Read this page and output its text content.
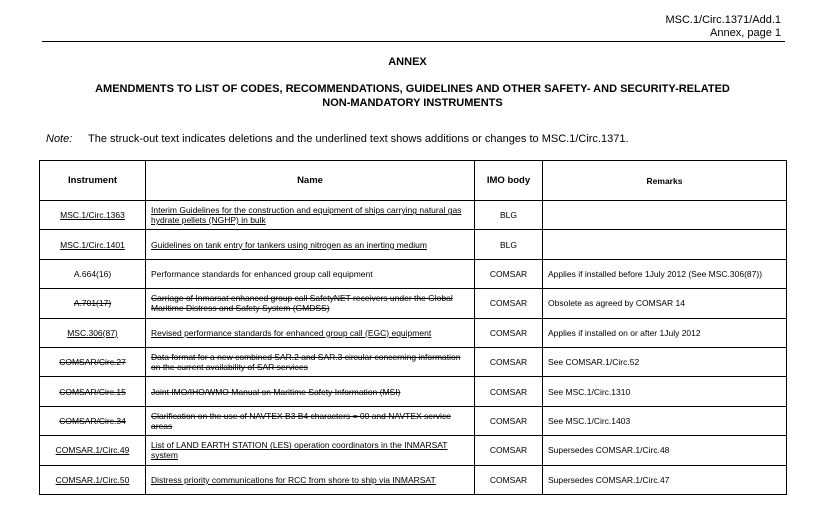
MSC.1/Circ.1371/Add.1
Annex, page 1
ANNEX
AMENDMENTS TO LIST OF CODES, RECOMMENDATIONS, GUIDELINES AND OTHER SAFETY- AND SECURITY-RELATED
NON-MANDATORY INSTRUMENTS
Note: The struck-out text indicates deletions and the underlined text shows additions or changes to MSC.1/Circ.1371.
Instrument	Name	IMO body	Remarks
MSC.1/Circ.1363	Interim Guidelines for the construction and equipment of ships carrying natural gas hydrate pellets (NGHP) in bulk	BLG	
MSC.1/Circ.1401	Guidelines on tank entry for tankers using nitrogen as an inerting medium	BLG	
A.664(16)	Performance standards for enhanced group call equipment	COMSAR	Applies if installed before 1July 2012 (See MSC.306(87))
A.701(17)	Carriage of Inmarsat enhanced group call SafetyNET receivers under the Global Maritime Distress and Safety System (GMDSS)	COMSAR	Obsolete as agreed by COMSAR 14
MSC.306(87)	Revised performance standards for enhanced group call (EGC) equipment	COMSAR	Applies if installed on or after 1July 2012
COMSAR/Circ.27	Data format for a new combined SAR.2 and SAR.3 circular concerning information on the current availability of SAR services	COMSAR	See COMSAR.1/Circ.52
COMSAR/Circ.15	Joint IMO/IHO/WMO Manual on Maritime Safety Information (MSI)	COMSAR	See MSC.1/Circ.1310
COMSAR/Circ.34	Clarification on the use of NAVTEX B3 B4 characters = 00 and NAVTEX service areas	COMSAR	See MSC.1/Circ.1403
COMSAR.1/Circ.49	List of LAND EARTH STATION (LES) operation coordinators in the INMARSAT system	COMSAR	Supersedes COMSAR.1/Circ.48
COMSAR.1/Circ.50	Distress priority communications for RCC from shore to ship via INMARSAT	COMSAR	Supersedes COMSAR.1/Circ.47
